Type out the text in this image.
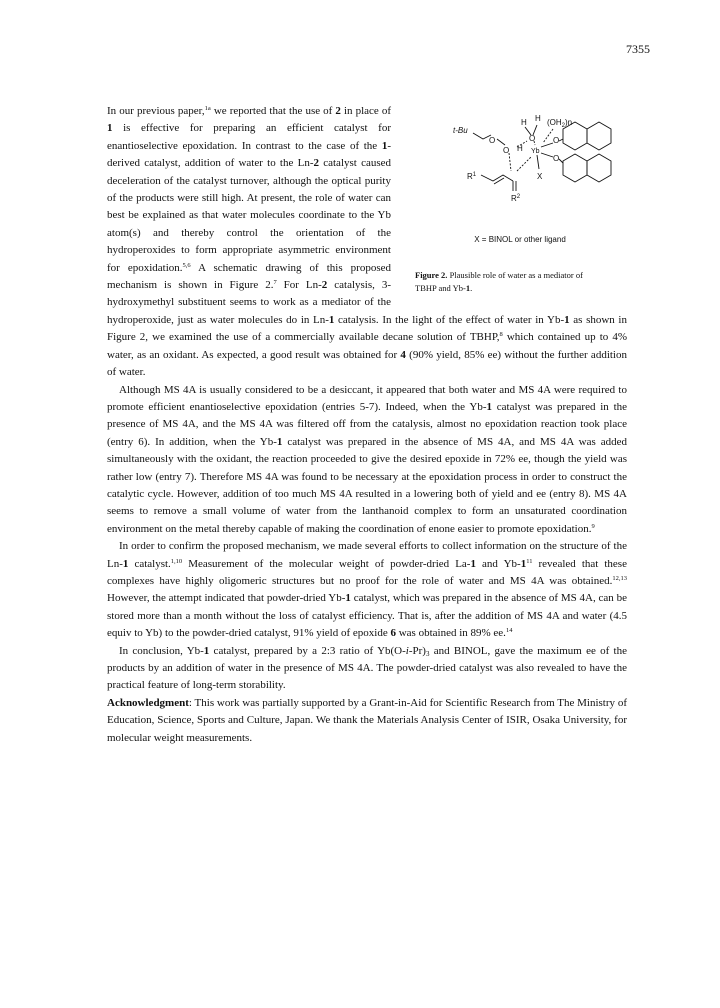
7355

H H $(OH_2)n$
t-Bu
O
O H
O
Yb
O
O
X
$R^1$
$R^2$
X = BINOL or other ligand
Figure 2. Plausible role of water as a mediator of TBHP and Yb-1.
In our previous paper,$^{1a}$ we reported that the use of 2 in place of 1 is effective for preparing an efficient catalyst for enantioselective epoxidation. In contrast to the case of the 1-derived catalyst, addition of water to the Ln-2 catalyst caused deceleration of the catalyst turnover, although the optical purity of the products were still high. At present, the role of water can best be explained as that water molecules coordinate to the Yb atom(s) and thereby control the orientation of the hydroperoxides to form appropriate asymmetric environment for epoxidation.$^{5,6}$ A schematic drawing of this proposed mechanism is shown in Figure 2.$^7$ For Ln-2 catalysis, 3-hydroxymethyl substituent seems to work as a mediator of the hydroperoxide, just as water molecules do in Ln-1 catalysis. In the light of the effect of water in Yb-1 as shown in Figure 2, we examined the use of a commercially available decane solution of TBHP,$^8$ which contained up to 4% water, as an oxidant. As expected, a good result was obtained for 4 (90% yield, 85% ee) without the further addition of water.

Although MS 4A is usually considered to be a desiccant, it appeared that both water and MS 4A were required to promote efficient enantioselective epoxidation (entries 5-7). Indeed, when the Yb-1 catalyst was prepared in the presence of MS 4A, and the MS 4A was filtered off from the catalysis, almost no epoxidation reaction took place (entry 6). In addition, when the Yb-1 catalyst was prepared in the absence of MS 4A, and MS 4A was added simultaneously with the oxidant, the reaction proceeded to give the desired epoxide in 72% ee, though the yield was rather low (entry 7). Therefore MS 4A was found to be necessary at the epoxidation process in order to construct the catalytic cycle. However, addition of too much MS 4A resulted in a lowering both of yield and ee (entry 8). MS 4A seems to remove a small volume of water from the lanthanoid complex to form an unsaturated coordination environment on the metal thereby capable of making the coordination of enone easier to promote epoxidation.$^9$

In order to confirm the proposed mechanism, we made several efforts to collect information on the structure of the Ln-1 catalyst.$^{1,10}$ Measurement of the molecular weight of powder-dried La-1 and $Yb-1^{11}$ revealed that these complexes have highly oligomeric structures but no proof for the role of water and MS 4A was obtained.$^{12,13}$ However, the attempt indicated that powder-dried Yb-1 catalyst, which was prepared in the absence of MS 4A, can be stored more than a month without the loss of catalyst efficiency. That is, after the addition of MS 4A and water (4.5 equiv to Yb) to the powder-dried catalyst, 91% yield of epoxide 6 was obtained in 89% ee.$^{14}$

In conclusion, Yb-1 catalyst, prepared by a 2:3 ratio of $Yb(O-i-Pr)_3$ and BINOL, gave the maximum ee of the products by an addition of water in the presence of MS 4A. The powder-dried catalyst was also revealed to have the practical feature of long-term storability.

Acknowledgment: This work was partially supported by a Grant-in-Aid for Scientific Research from The Ministry of Education, Science, Sports and Culture, Japan. We thank the Materials Analysis Center of ISIR, Osaka University, for molecular weight measurements.
